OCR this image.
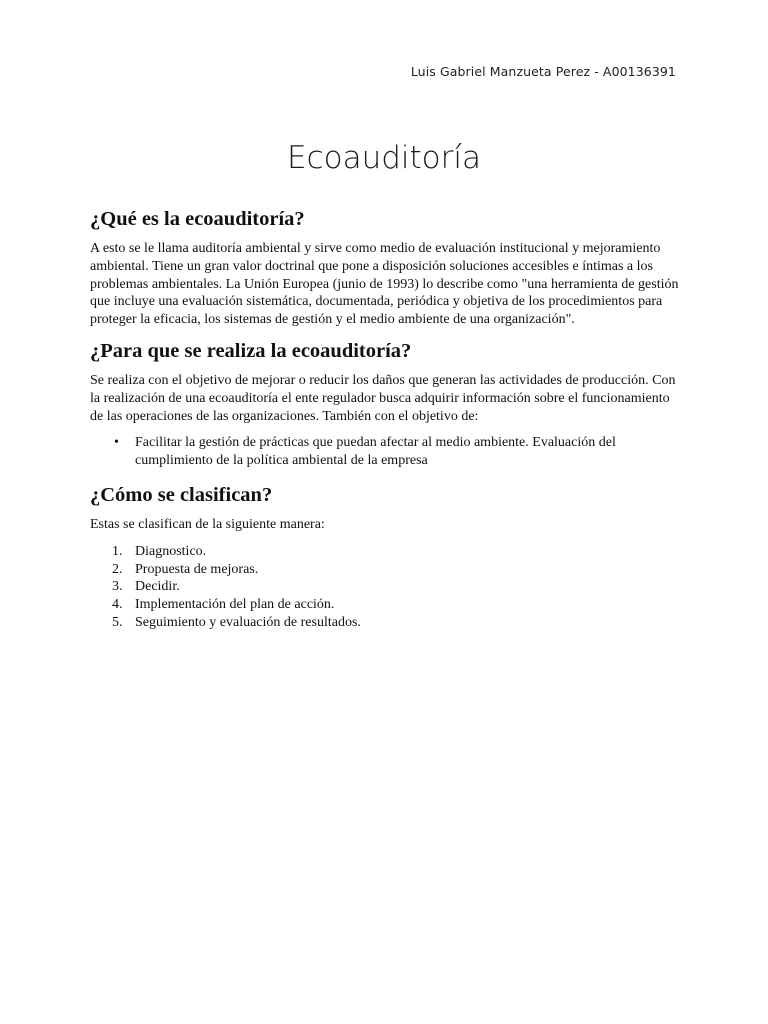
Luis Gabriel Manzueta Perez - A00136391
Ecoauditoría
¿Qué es la ecoauditoría?

A esto se le llama auditoría ambiental y sirve como medio de evaluación institucional y mejoramiento ambiental. Tiene un gran valor doctrinal que pone a disposición soluciones accesibles e íntimas a los problemas ambientales. La Unión Europea (junio de 1993) lo describe como "una herramienta de gestión que incluye una evaluación sistemática, documentada, periódica y objetiva de los procedimientos para proteger la eficacia, los sistemas de gestión y el medio ambiente de una organización".

¿Para que se realiza la ecoauditoría?

Se realiza con el objetivo de mejorar o reducir los daños que generan las actividades de producción. Con la realización de una ecoauditoría el ente regulador busca adquirir información sobre el funcionamiento de las operaciones de las organizaciones. También con el objetivo de:

• Facilitar la gestión de prácticas que puedan afectar al medio ambiente. Evaluación del cumplimiento de la política ambiental de la empresa
¿Cómo se clasifican?

Estas se clasifican de la siguiente manera:

1. Diagnostico.
2. Propuesta de mejoras.
3. Decidir.
4. Implementación del plan de acción.
5. Seguimiento y evaluación de resultados.
